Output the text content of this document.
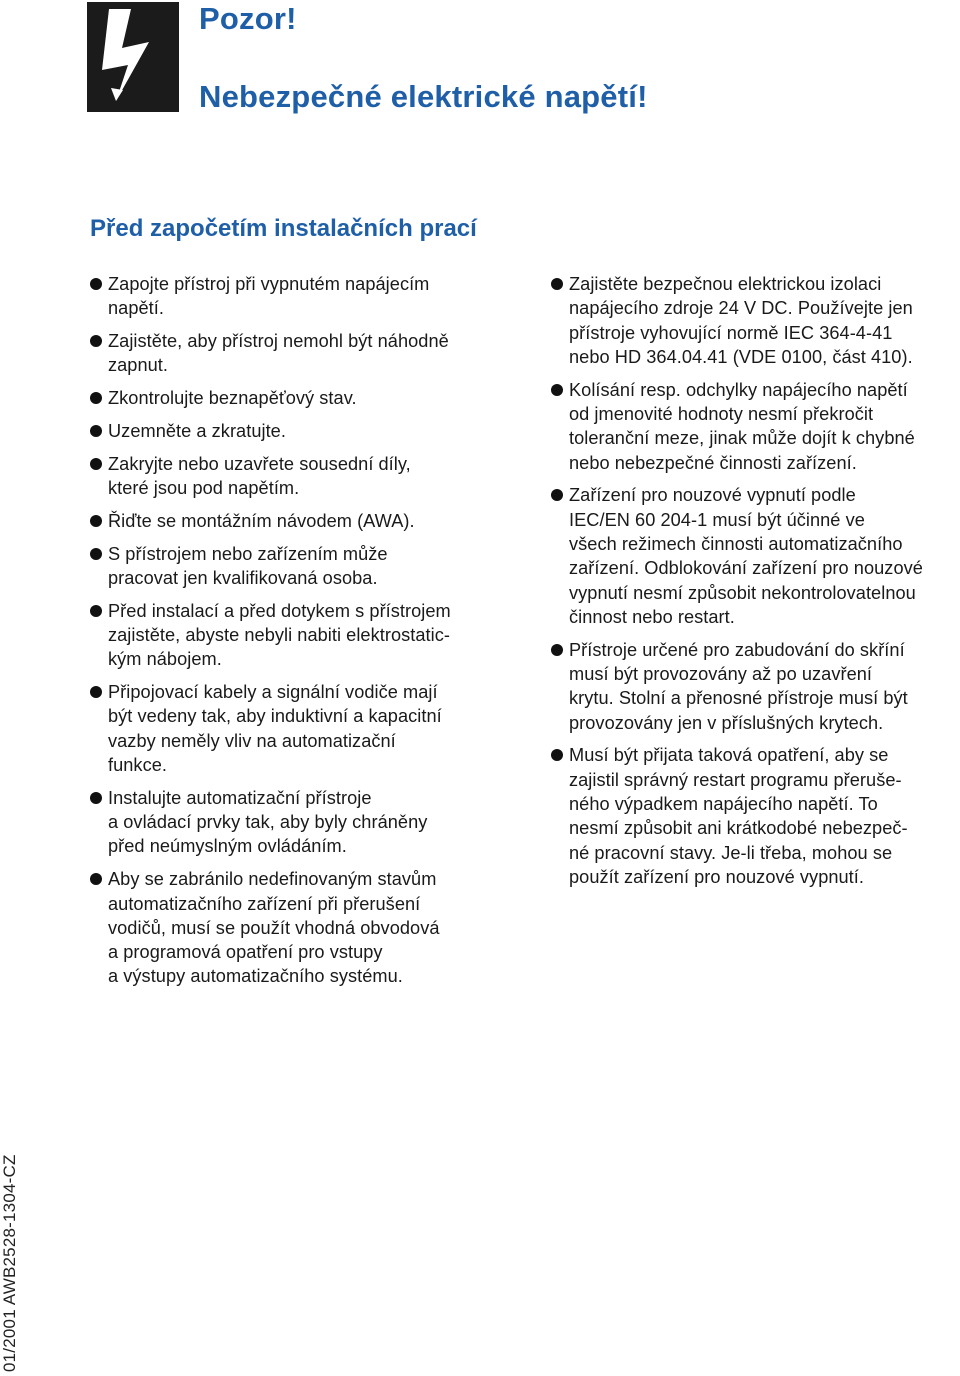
Pozor!
Nebezpečné elektrické napětí!
Před započetím instalačních prací
Zapojte přístroj při vypnutém napájecím
napětí.
Zajistěte, aby přístroj nemohl být náhodně
zapnut.
Zkontrolujte beznapěťový stav.
Uzemněte a zkratujte.
Zakryjte nebo uzavřete sousední díly,
které jsou pod napětím.
Řiďte se montážním návodem (AWA).
S přístrojem nebo zařízením může
pracovat jen kvalifikovaná osoba.
Před instalací a před dotykem s přístrojem
zajistěte, abyste nebyli nabiti elektrostatic-
kým nábojem.
Připojovací kabely a signální vodiče mají
být vedeny tak, aby induktivní a kapacitní
vazby neměly vliv na automatizační
funkce.
Instalujte automatizační přístroje
a ovládací prvky tak, aby byly chráněny
před neúmyslným ovládáním.
Aby se zabránilo nedefinovaným stavům
automatizačního zařízení při přerušení
vodičů, musí se použít vhodná obvodová
a programová opatření pro vstupy
a výstupy automatizačního systému.
Zajistěte bezpečnou elektrickou izolaci
napájecího zdroje 24 V DC. Používejte jen
přístroje vyhovující normě IEC 364-4-41
nebo HD 364.04.41 (VDE 0100, část 410).
Kolísání resp. odchylky napájecího napětí
od jmenovité hodnoty nesmí překročit
toleranční meze, jinak může dojít k chybné
nebo nebezpečné činnosti zařízení.
Zařízení pro nouzové vypnutí podle
IEC/EN 60 204-1 musí být účinné ve
všech režimech činnosti automatizačního
zařízení. Odblokování zařízení pro nouzové
vypnutí nesmí způsobit nekontrolovatelnou
činnost nebo restart.
Přístroje určené pro zabudování do skříní
musí být provozovány až po uzavření
krytu. Stolní a přenosné přístroje musí být
provozovány jen v příslušných krytech.
Musí být přijata taková opatření, aby se
zajistil správný restart programu přeruše-
ného výpadkem napájecího napětí. To
nesmí způsobit ani krátkodobé nebezpeč-
né pracovní stavy. Je-li třeba, mohou se
použít zařízení pro nouzové vypnutí.
01/2001 AWB2528-1304-CZ
